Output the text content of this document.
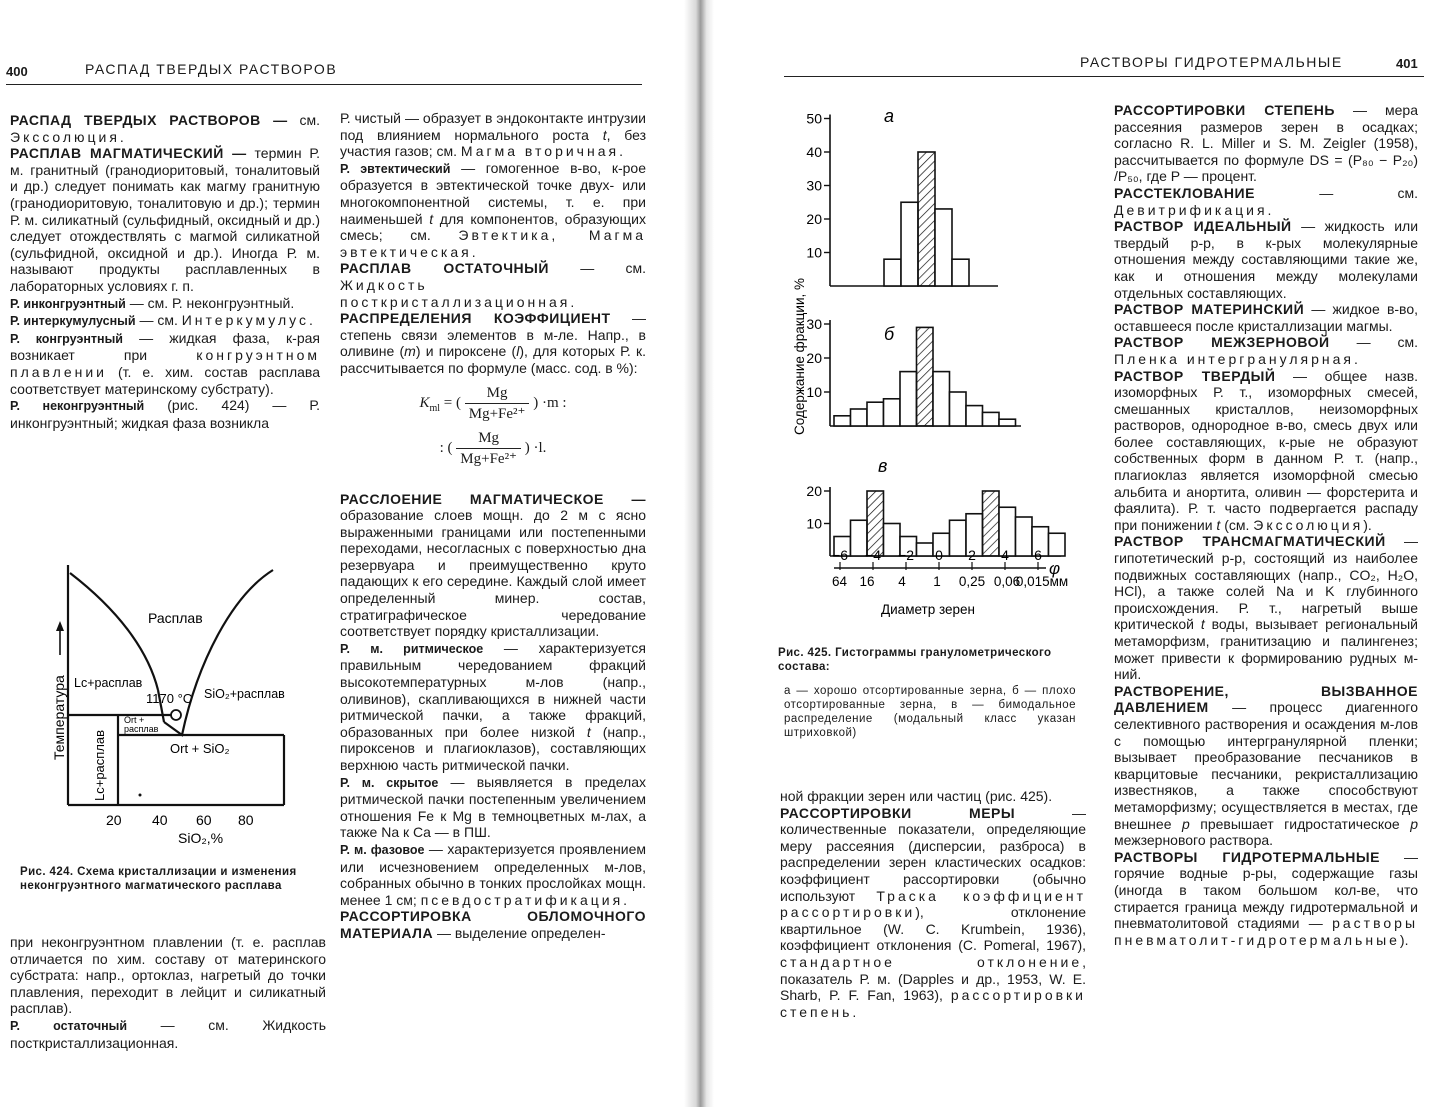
400	РАСПАД ТВЕРДЫХ РАСТВОРОВ

РАСПАД ТВЕРДЫХ РАСТВОРОВ — см. Эксcолюция.

РАСПЛАВ МАГМАТИЧЕСКИЙ — термин Р. м. гранитный (гранодиоритовый, тоналитовый и др.) следует понимать как магму гранитную (гранодиоритовую, тоналитовую и др.); термин Р. м. силикатный (сульфидный, оксидный и др.) следует отождествлять с магмой силикатной (сульфидной, оксидной и др.). Иногда Р. м. называют продукты расплавленных в лабораторных условиях г. п.

Р. инконгруэнтный — см. Р. неконгруэнтный.

Р. интеркумулусный — см. Интеркумулус.

Р. конгруэнтный — жидкая фаза, к-рая возникает при	конгруэнтном плавлении (т. е. хим. состав расплава соответствует материнскому субстрату).

Р. неконгруэнтный (рис. 424) — Р. инконгруэнтный; жидкая фаза возникла

Расплав
Lc+расплав
1170 °C SiO₂+расплав
Ort +
расплав
Ort + SiO₂
Lc+расплав
Температура
20 40 60 80
SiO₂,%
Рис. 424. Схема кристаллизации и изменения неконгруэнтного магматического расплава

при неконгруэнтном плавлении (т. е. расплав отличается по хим. составу от материнского субстрата: напр., ортоклаз, нагретый до точки плавления, переходит в лейцит и силикатный расплав).

Р. остаточный — см. Жидкость посткристаллизационная.

Р. чистый — образует в эндоконтакте интрузии под влиянием нормального роста t, без участия газов; см. Магма вторичная.

Р. эвтектический — гомогенное в-во, к-рое образуется в эвтектической точке двух- или многокомпонентной системы, т. е. при наименьшей t для компонентов, образующих смесь; см. Эвтектика, Магма эвтектическая.

РАСПЛАВ ОСТАТОЧНЫЙ — см. Жидкость посткристаллизационная.

РАСПРЕДЕЛЕНИЯ КОЭФФИЦИЕНТ — степень связи элементов в м-ле. Напр., в оливине (m) и пироксене (l), для которых Р. к. рассчитывается по формуле (масс. сод. в %):

$K_{ml}$ = ( $\frac{Mg}{\text{Mg+Fe²⁺}}$ ) ·m :
: ( $\frac{Mg}{\text{Mg+Fe²⁺}}$ ) ·l.

РАССЛОЕНИЕ МАГМАТИЧЕСКОЕ — образование слоев мощн. до 2 м с ясно выраженными границами или постепенными переходами, несогласных с поверхностью дна резервуара и преимущественно круто падающих к его середине. Каждый слой имеет определенный минер. состав, стратиграфическое чередование соответствует порядку кристаллизации.

Р. м. ритмическое — характеризуется правильным чередованием фракций высокотемпературных м-лов (напр., оливинов), скапливающихся в нижней части ритмической пачки, а также фракций, образованных при более низкой t (напр., пироксенов и плагиоклазов), составляющих верхнюю часть ритмической пачки.

Р. м. скрытое — выявляется в пределах ритмической пачки постепенным увеличением отношения Fe к Mg в темноцветных м-лах, а также Na к Ca — в ПШ.

Р. м. фазовое — характеризуется проявлением или исчезновением определенных м-лов, собранных обычно в тонких прослойках мощн. менее 1 см; псевдостратификация.

РАССОРТИРОВКА ОБЛОМОЧНОГО МАТЕРИАЛА — выделение определен-

РАСТВОРЫ ГИДРОТЕРМАЛЬНЫЕ	401
50
40
30
20
10
30
20
10
20
10
−6 −4 −2 0 2 4 6
64 16 4 1 0,25 0,06
0,015мм
а
б
в
Содержание фракции, %
φ
Диаметр зерен
Рис. 425. Гистограммы гранулометрического состава:
а — хорошо отсортированные зерна, б — плохо отсортированные зерна, в — бимодальное распределение (модальный класс указан штриховкой)

ной фракции зерен или частиц (рис. 425).

РАССОРТИРОВКИ МЕРЫ	— количественные показатели, определяющие меру рассеяния (дисперсии, разброса) в распределении зерен кластических осадков: коэффициент рассортировки (обычно используют Траска коэффициент рассортировки), отклонение квартильное (W. C. Krumbein, 1936), коэффициент отклонения (C. Pomeral, 1967), стандартное отклонение, показатель Р. м. (Dapples и др., 1953, W. E. Sharb, P. F. Fan, 1963), рассортировки степень.

РАССОРТИРОВКИ СТЕПЕНЬ — мера рассеяния размеров зерен в осадках; согласно R. L. Miller и S. M. Zeigler (1958), рассчитывается по формуле DS = (P₈₀ − P₂₀) /P₅₀, где P — процент.

РАССТЕКЛОВАНИЕ	— см. Девитрификация.

РАСТВОР ИДЕАЛЬНЫЙ — жидкость или твердый р-р, в к-рых молекулярные отношения между составляющими такие же, как и отношения между молекулами отдельных составляющих.

РАСТВОР МАТЕРИНСКИЙ — жидкое в-во, оставшееся после кристаллизации магмы.

РАСТВОР МЕЖЗЕРНОВОЙ — см. Пленка интергранулярная.

РАСТВОР ТВЕРДЫЙ — общее назв. изоморфных Р. т., изоморфных смесей, смешанных кристаллов, неизоморфных растворов, однородное в-во, смесь двух или более составляющих, к-рые не образуют собственных форм в данном Р. т. (напр., плагиоклаз является изоморфной смесью альбита и анортита, оливин — форстерита и фаялита). Р. т. часто подвергается распаду при понижении t (см. Эксcолюция).

РАСТВОР ТРАНСМАГМАТИЧЕСКИЙ — гипотетический р-р, состоящий из наиболее подвижных составляющих (напр., CO₂, H₂O, HCl), а также солей Na и K глубинного происхождения. Р. т., нагретый выше критической t воды, вызывает региональный метаморфизм, гранитизацию и палингенез; может привести к формированию рудных м-ний.

РАСТВОРЕНИЕ, ВЫЗВАННОЕ ДАВЛЕНИЕМ — процесс диагенного селективного растворения и осаждения м-лов с помощью интергранулярной пленки; вызывает преобразование песчаников в кварцитовые песчаники, рекристаллизацию известняков, а также способствуют метаморфизму; осуществляется в местах, где внешнее p превышает гидростатическое p межзернового раствора.

РАСТВОРЫ ГИДРОТЕРМАЛЬНЫЕ — горячие водные р-ры, содержащие газы (иногда в таком большом кол-ве, что стирается граница между гидротермальной и пневматолитовой стадиями — растворы пневматолит-гидротермальные).
